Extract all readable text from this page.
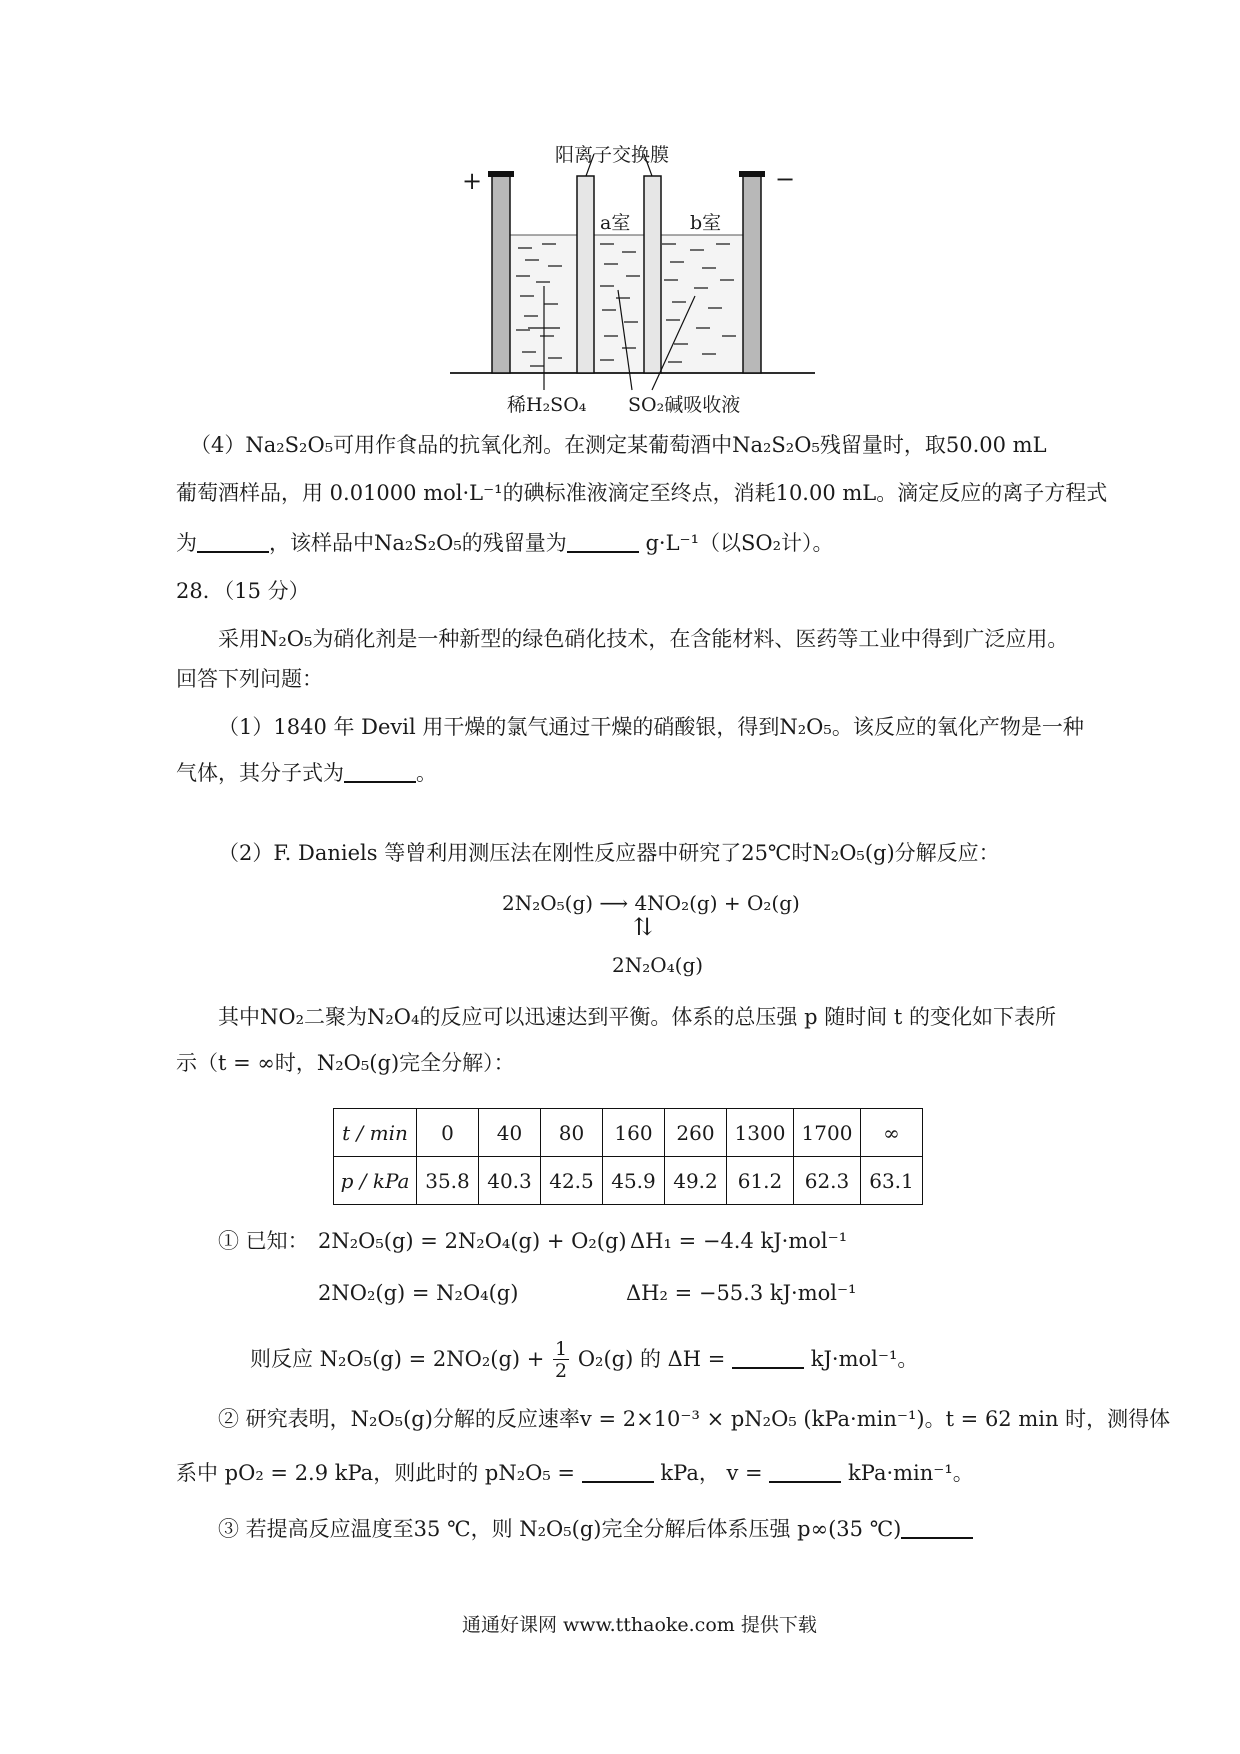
阳离子交换膜
+	−
a室	b室
稀H₂SO₄ SO₂碱吸收液
（4）Na₂S₂O₅可用作食品的抗氧化剂。在测定某葡萄酒中Na₂S₂O₅残留量时，取50.00 mL
葡萄酒样品，用 0.01000 mol·L⁻¹的碘标准液滴定至终点，消耗10.00 mL。滴定反应的离子方程式
为	，该样品中Na₂S₂O₅的残留量为	g·L⁻¹（以SO₂计）。
28．（15 分）
采用N₂O₅为硝化剂是一种新型的绿色硝化技术，在含能材料、医药等工业中得到广泛应用。
回答下列问题：
（1）1840 年 Devil 用干燥的氯气通过干燥的硝酸银，得到N₂O₅。该反应的氧化产物是一种
气体，其分子式为	。
（2）F. Daniels 等曾利用测压法在刚性反应器中研究了25℃时N₂O₅(g)分解反应：
2N₂O₅(g) ⟶ 4NO₂(g) + O₂(g)
⇅
2N₂O₄(g)
其中NO₂二聚为N₂O₄的反应可以迅速达到平衡。体系的总压强 p 随时间 t 的变化如下表所
示（t = ∞时，N₂O₅(g)完全分解）：
t / min	0	40	80	160	260	1300	1700	∞
p / kPa	35.8	40.3	42.5	45.9	49.2	61.2	62.3	63.1
① 已知： 2N₂O₅(g) = 2N₂O₄(g) + O₂(g) ΔH₁ = −4.4 kJ·mol⁻¹
2NO₂(g) = N₂O₄(g)	ΔH₂ = −55.3 kJ·mol⁻¹
则反应 $N_2O_5(g) = 2NO_2(g) + \frac{1}{2} O_2(g)$ 的 ΔH =	kJ·mol⁻¹。
② 研究表明，N₂O₅(g)分解的反应速率v = 2×10⁻³ × pN₂O₅ (kPa·min⁻¹)。t = 62 min 时，测得体
系中 pO₂ = 2.9 kPa，则此时的 pN₂O₅ =	kPa， v =	kPa·min⁻¹。
③ 若提高反应温度至35 ℃，则 N₂O₅(g)完全分解后体系压强 p∞(35 ℃)
通通好课网 www.tthaoke.com 提供下载
